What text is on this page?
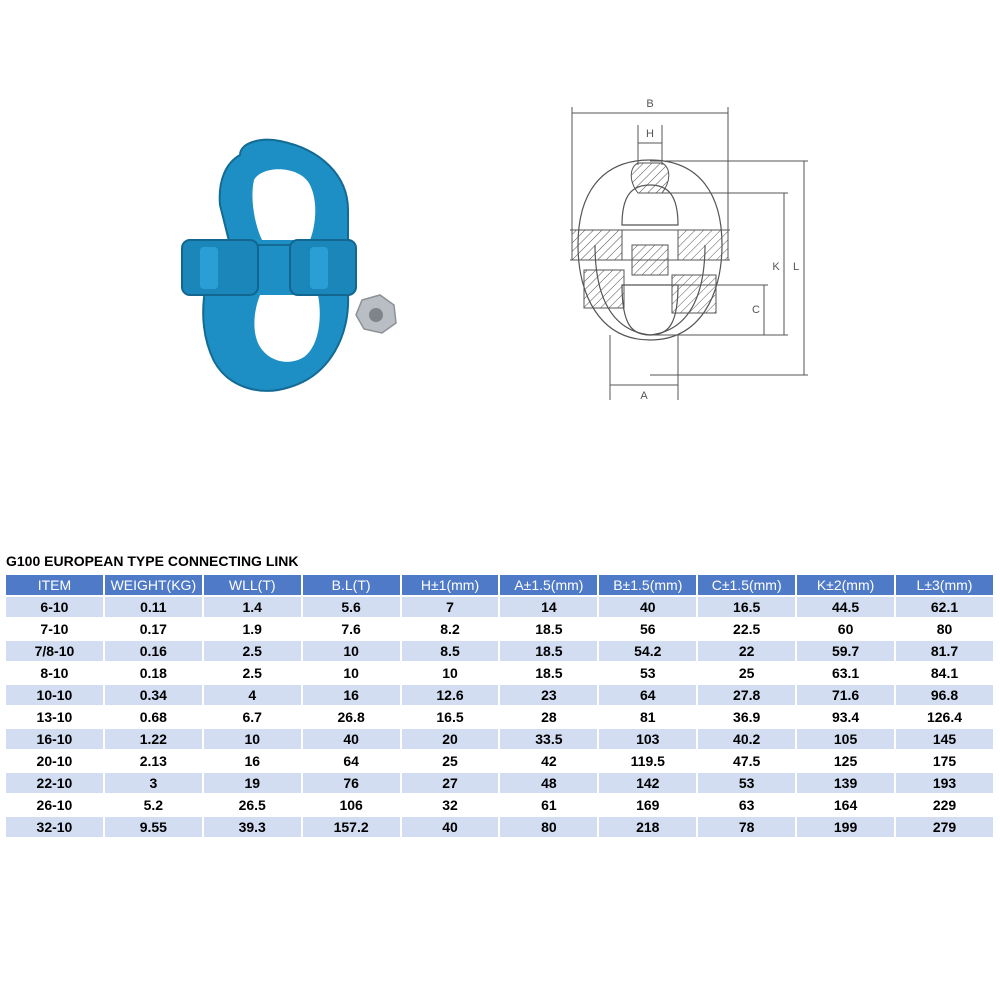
B
H
K L
C
A
G100 EUROPEAN TYPE CONNECTING LINK
ITEM	WEIGHT(KG)	WLL(T)	B.L(T)	H±1(mm)	A±1.5(mm)	B±1.5(mm)	C±1.5(mm)	K±2(mm)	L±3(mm)
6-10	0.11	1.4	5.6	7	14	40	16.5	44.5	62.1
7-10	0.17	1.9	7.6	8.2	18.5	56	22.5	60	80
7/8-10	0.16	2.5	10	8.5	18.5	54.2	22	59.7	81.7
8-10	0.18	2.5	10	10	18.5	53	25	63.1	84.1
10-10	0.34	4	16	12.6	23	64	27.8	71.6	96.8
13-10	0.68	6.7	26.8	16.5	28	81	36.9	93.4	126.4
16-10	1.22	10	40	20	33.5	103	40.2	105	145
20-10	2.13	16	64	25	42	119.5	47.5	125	175
22-10	3	19	76	27	48	142	53	139	193
26-10	5.2	26.5	106	32	61	169	63	164	229
32-10	9.55	39.3	157.2	40	80	218	78	199	279
